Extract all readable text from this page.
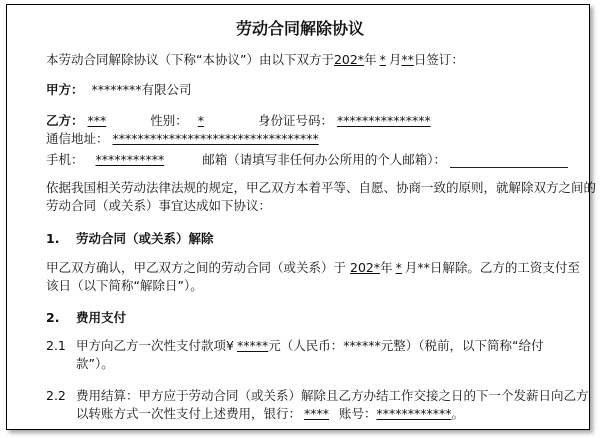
劳动合同解除协议
本劳动合同解除协议（下称“本协议”）由以下双方于202*年 * 月**日签订：
甲方： ********有限公司
乙方： ***	性别： *	身份证号码： ***************
通信地址： *********************************
手机： ***********	邮箱（请填写非任何办公所用的个人邮箱）：
依据我国相关劳动法律法规的规定，甲乙双方本着平等、自愿、协商一致的原则，就解除双方之间的
劳动合同（或关系）事宜达成如下协议：
1. 劳动合同（或关系）解除
甲乙双方确认，甲乙双方之间的劳动合同（或关系）于 202*年 * 月**日解除。乙方的工资支付至
该日（以下简称“解除日”）。
2. 费用支付
2.1 甲方向乙方一次性支付款项¥ *****元（人民币：******元整）（税前，以下简称“给付
款”）。
2.2 费用结算：甲方应于劳动合同（或关系）解除且乙方办结工作交接之日的下一个发薪日向乙方
以转账方式一次性支付上述费用，银行： **** 账号：************。
